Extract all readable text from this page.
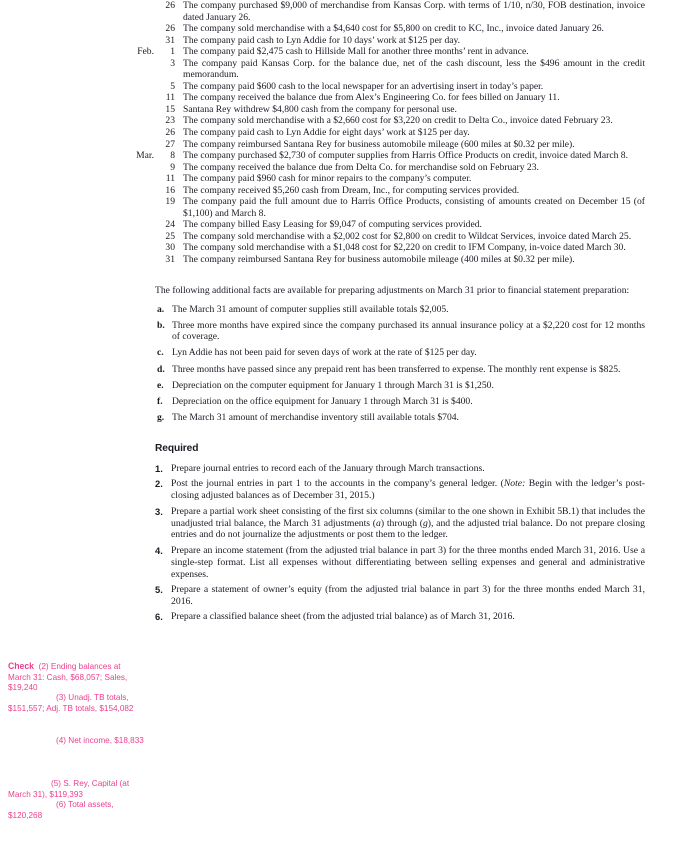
26 The company purchased $9,000 of merchandise from Kansas Corp. with terms of 1/10, n/30, FOB destination, invoice dated January 26.
26 The company sold merchandise with a $4,640 cost for $5,800 on credit to KC, Inc., invoice dated January 26.
31 The company paid cash to Lyn Addie for 10 days’ work at $125 per day.
Feb.	1 The company paid $2,475 cash to Hillside Mall for another three months’ rent in advance.
3 The company paid Kansas Corp. for the balance due, net of the cash discount, less the $496 amount in the credit memorandum.
5 The company paid $600 cash to the local newspaper for an advertising insert in today’s paper.
11 The company received the balance due from Alex’s Engineering Co. for fees billed on January 11.
15 Santana Rey withdrew $4,800 cash from the company for personal use.
23 The company sold merchandise with a $2,660 cost for $3,220 on credit to Delta Co., invoice dated February 23.
26 The company paid cash to Lyn Addie for eight days’ work at $125 per day.
27 The company reimbursed Santana Rey for business automobile mileage (600 miles at $0.32 per mile).
Mar.	8 The company purchased $2,730 of computer supplies from Harris Office Products on credit, invoice dated March 8.
9 The company received the balance due from Delta Co. for merchandise sold on February 23.
11 The company paid $960 cash for minor repairs to the company’s computer.
16 The company received $5,260 cash from Dream, Inc., for computing services provided.
19 The company paid the full amount due to Harris Office Products, consisting of amounts created on December 15 (of $1,100) and March 8.
24 The company billed Easy Leasing for $9,047 of computing services provided.
25 The company sold merchandise with a $2,002 cost for $2,800 on credit to Wildcat Services, invoice dated March 25.
30 The company sold merchandise with a $1,048 cost for $2,220 on credit to IFM Company, in-voice dated March 30.
31 The company reimbursed Santana Rey for business automobile mileage (400 miles at $0.32 per mile).

The following additional facts are available for preparing adjustments on March 31 prior to financial statement preparation:

a. The March 31 amount of computer supplies still available totals $2,005.
b. Three more months have expired since the company purchased its annual insurance policy at a $2,220 cost for 12 months of coverage.
c. Lyn Addie has not been paid for seven days of work at the rate of $125 per day.
d. Three months have passed since any prepaid rent has been transferred to expense. The monthly rent expense is $825.
e. Depreciation on the computer equipment for January 1 through March 31 is $1,250.
f. Depreciation on the office equipment for January 1 through March 31 is $400.
g. The March 31 amount of merchandise inventory still available totals $704.
Required
1. Prepare journal entries to record each of the January through March transactions.
2. Post the journal entries in part 1 to the accounts in the company’s general ledger. (Note: Begin with the ledger’s post-closing adjusted balances as of December 31, 2015.)
3. Prepare a partial work sheet consisting of the first six columns (similar to the one shown in Exhibit 5B.1) that includes the unadjusted trial balance, the March 31 adjustments (a) through (g), and the adjusted trial balance. Do not prepare closing entries and do not journalize the adjustments or post them to the ledger.
4. Prepare an income statement (from the adjusted trial balance in part 3) for the three months ended March 31, 2016. Use a single-step format. List all expenses without differentiating between selling expenses and general and administrative expenses.
5. Prepare a statement of owner’s equity (from the adjusted trial balance in part 3) for the three months ended March 31, 2016.
6. Prepare a classified balance sheet (from the adjusted trial balance) as of March 31, 2016.
Check  (2) Ending balances at March 31: Cash, $68,057; Sales, $19,240
(3) Unadj. TB totals, $151,557; Adj. TB totals, $154,082
(4) Net income, $18,833
(5) S. Rey, Capital (at March 31), $119,393
(6) Total assets, $120,268
